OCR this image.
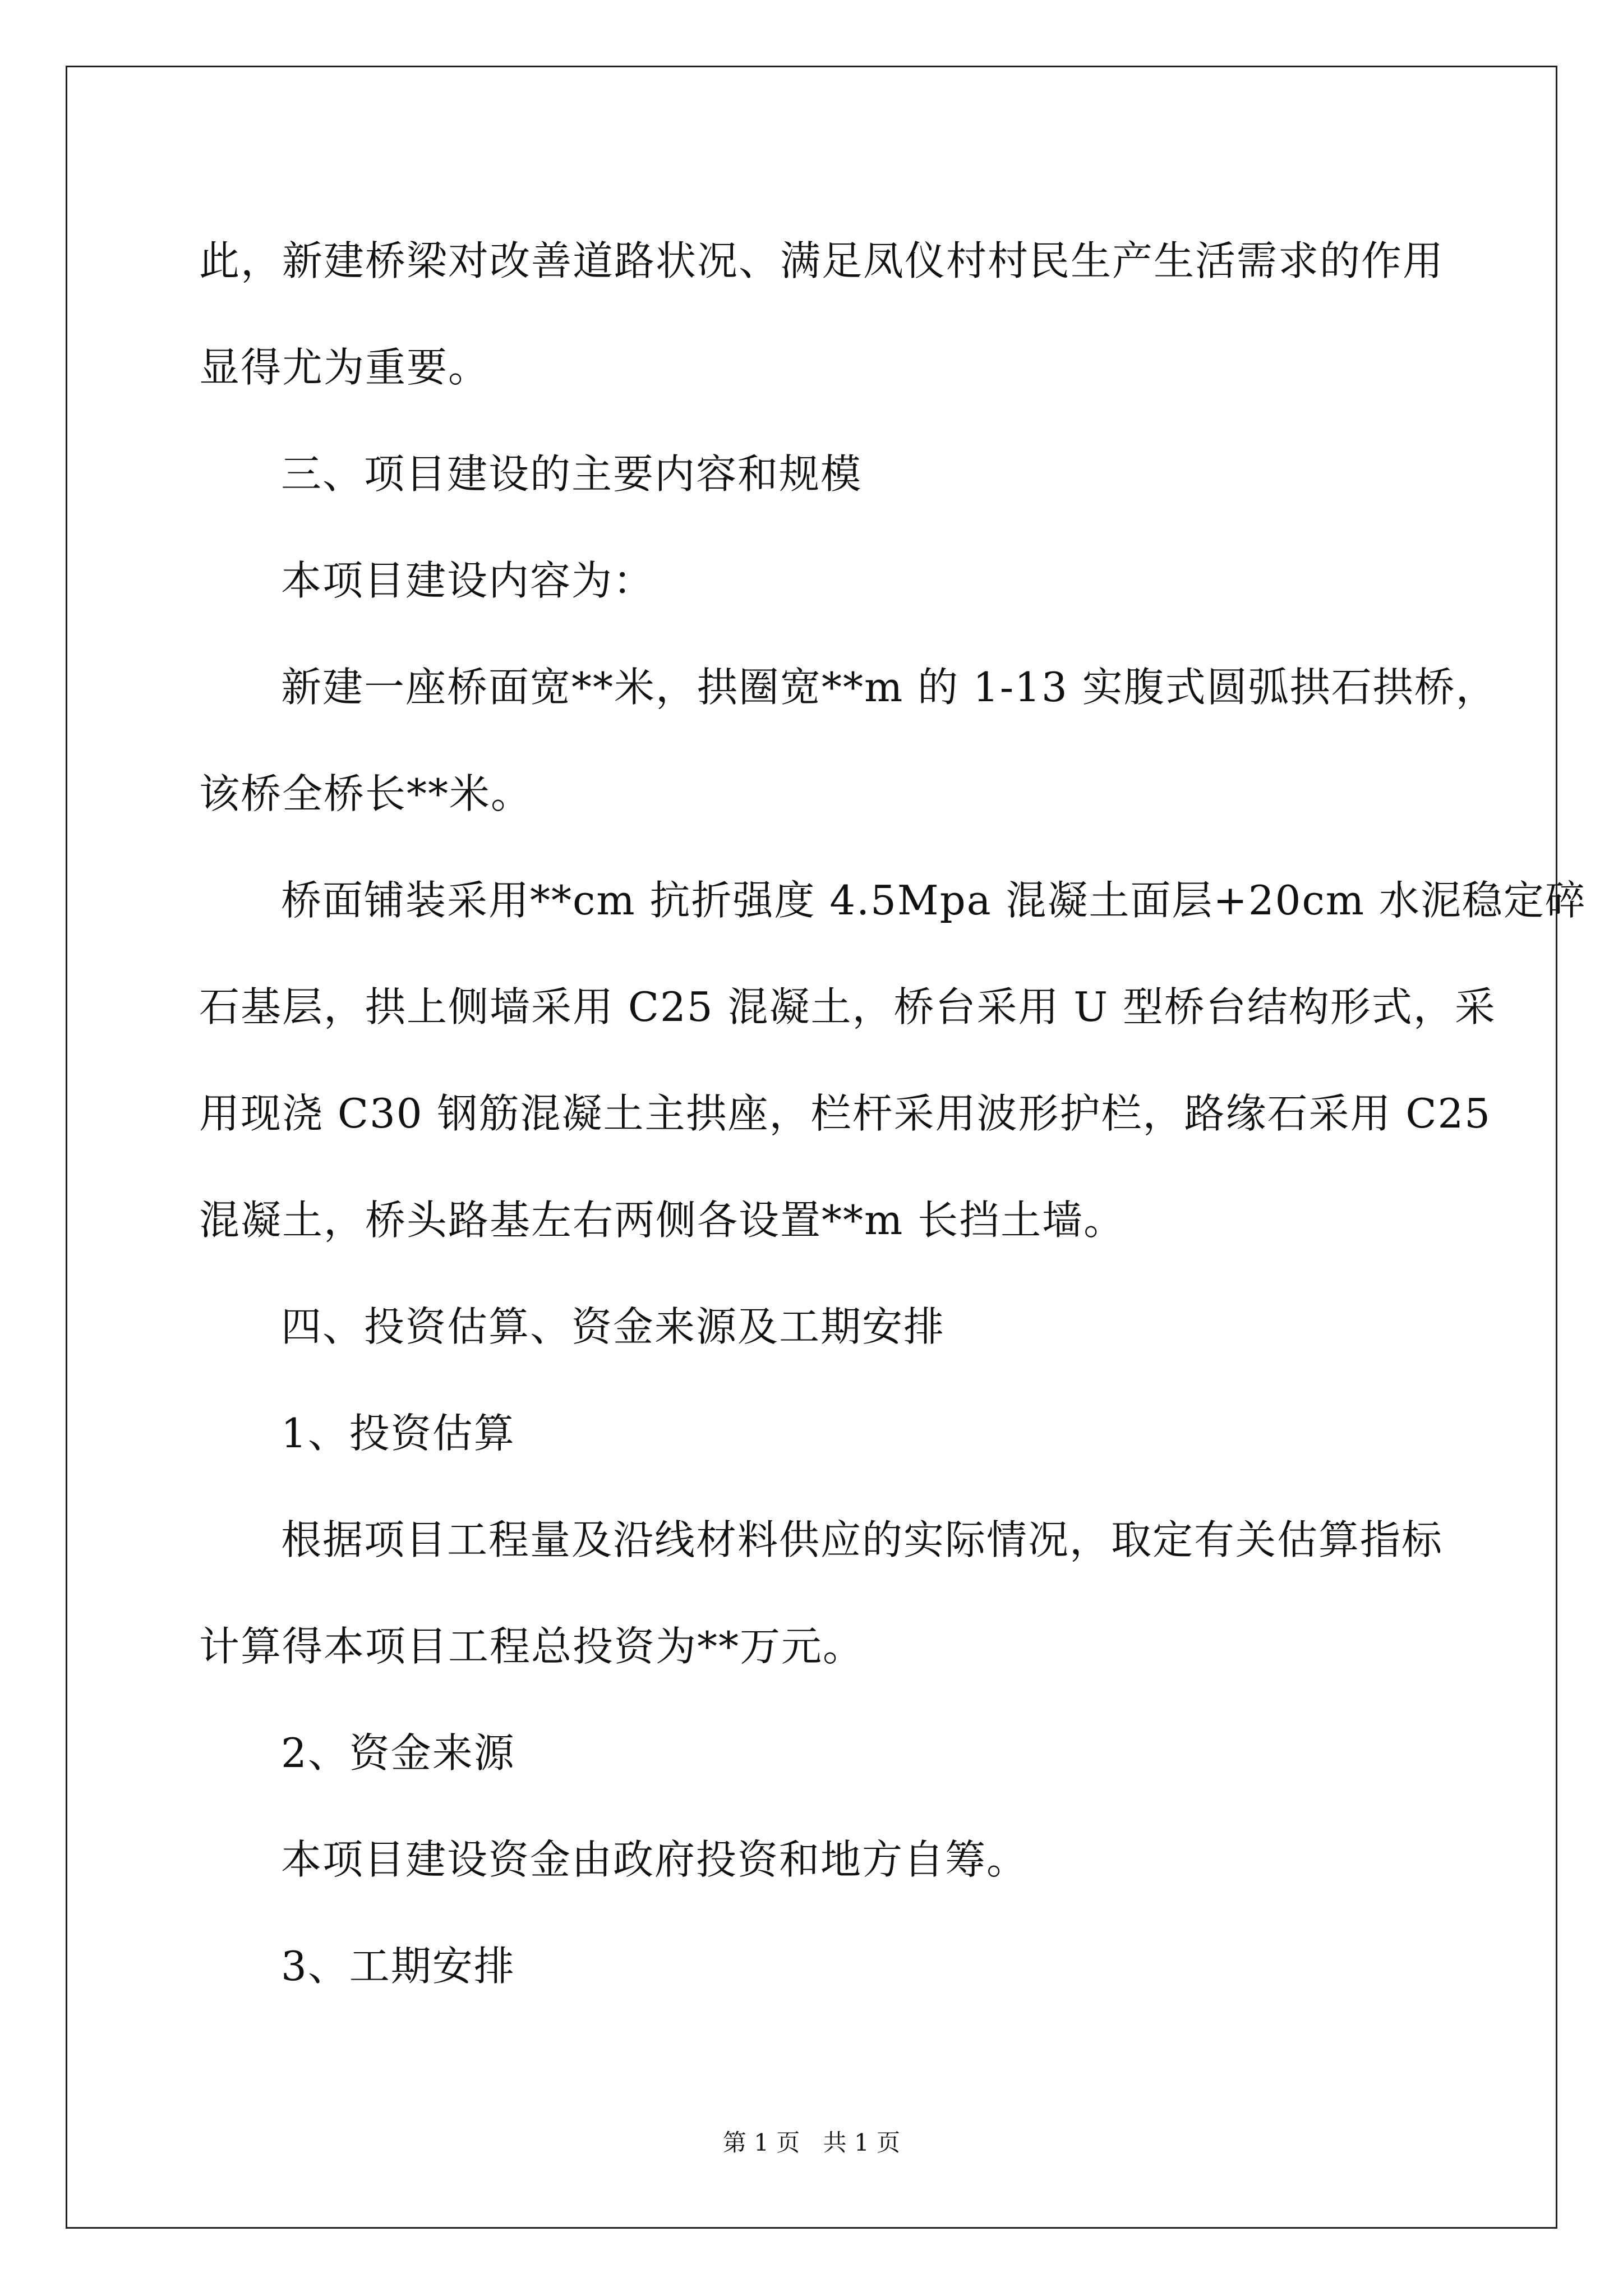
此，新建桥梁对改善道路状况、满足凤仪村村民生产生活需求的作用

显得尤为重要。

三、项目建设的主要内容和规模

本项目建设内容为：

新建一座桥面宽**米，拱圈宽**m 的 1-13 实腹式圆弧拱石拱桥，

该桥全桥长**米。

桥面铺装采用**cm 抗折强度 4.5Mpa 混凝土面层+20cm 水泥稳定碎

石基层，拱上侧墙采用 C25 混凝土，桥台采用 U 型桥台结构形式，采

用现浇 C30 钢筋混凝土主拱座，栏杆采用波形护栏，路缘石采用 C25

混凝土，桥头路基左右两侧各设置**m 长挡土墙。

四、投资估算、资金来源及工期安排

1、投资估算

根据项目工程量及沿线材料供应的实际情况，取定有关估算指标

计算得本项目工程总投资为**万元。

2、资金来源

本项目建设资金由政府投资和地方自筹。

3、工期安排

第 1 页 共 1 页
